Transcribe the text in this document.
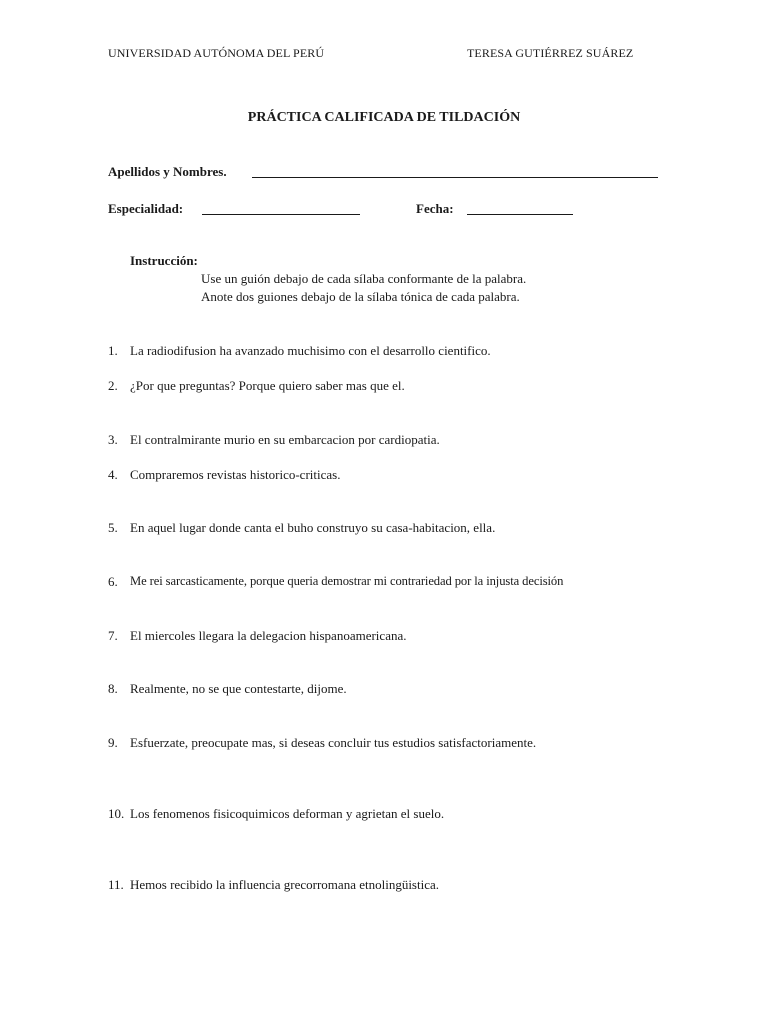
UNIVERSIDAD AUTÓNOMA DEL PERÚ	TERESA GUTIÉRREZ SUÁREZ
PRÁCTICA CALIFICADA DE TILDACIÓN
Apellidos y Nombres.
Especialidad:	Fecha:
Instrucción:
Use un guión debajo de cada sílaba conformante de la palabra.
Anote dos guiones debajo de la sílaba tónica de cada palabra.
1. La radiodifusion ha avanzado muchisimo con el desarrollo cientifico.
2. ¿Por que preguntas? Porque quiero saber mas que el.
3. El contralmirante murio en su embarcacion por cardiopatia.
4. Compraremos revistas historico-criticas.
5. En aquel lugar donde canta el buho construyo su casa-habitacion, ella.
6. Me rei sarcasticamente, porque queria demostrar mi contrariedad por la injusta decisión
7. El miercoles llegara la delegacion hispanoamericana.
8. Realmente, no se que contestarte, dijome.
9. Esfuerzate, preocupate mas, si deseas concluir tus estudios satisfactoriamente.
10. Los fenomenos fisicoquimicos deforman y agrietan el suelo.
11. Hemos recibido la influencia grecorromana etnolingüistica.
